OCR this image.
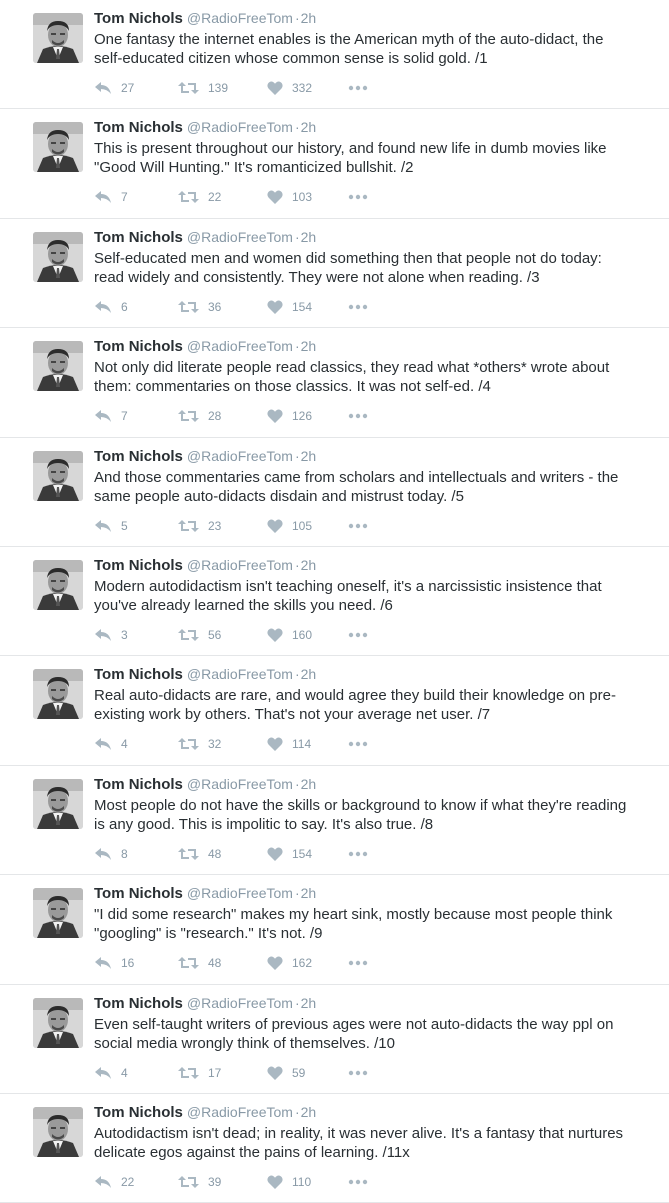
Tom Nichols @RadioFreeTom ·2h
One fantasy the internet enables is the American myth of the auto-didact, the self-educated citizen whose common sense is solid gold. /1
27	139	332
Tom Nichols @RadioFreeTom ·2h
This is present throughout our history, and found new life in dumb movies like "Good Will Hunting." It's romanticized bullshit. /2
7	22	103
Tom Nichols @RadioFreeTom ·2h
Self-educated men and women did something then that people not do today: read widely and consistently. They were not alone when reading. /3
6	36	154
Tom Nichols @RadioFreeTom ·2h
Not only did literate people read classics, they read what *others* wrote about them: commentaries on those classics. It was not self-ed. /4
7	28	126
Tom Nichols @RadioFreeTom ·2h
And those commentaries came from scholars and intellectuals and writers - the same people auto-didacts disdain and mistrust today. /5
5	23	105
Tom Nichols @RadioFreeTom ·2h
Modern autodidactism isn't teaching oneself, it's a narcissistic insistence that you've already learned the skills you need. /6
3	56	160
Tom Nichols @RadioFreeTom ·2h
Real auto-didacts are rare, and would agree they build their knowledge on pre-existing work by others. That's not your average net user. /7
4	32	114
Tom Nichols @RadioFreeTom ·2h
Most people do not have the skills or background to know if what they're reading is any good. This is impolitic to say. It's also true. /8
8	48	154
Tom Nichols @RadioFreeTom ·2h
"I did some research" makes my heart sink, mostly because most people think "googling" is "research." It's not. /9
16	48	162
Tom Nichols @RadioFreeTom ·2h
Even self-taught writers of previous ages were not auto-didacts the way ppl on social media wrongly think of themselves. /10
4	17	59
Tom Nichols @RadioFreeTom ·2h
Autodidactism isn't dead; in reality, it was never alive. It's a fantasy that nurtures delicate egos against the pains of learning. /11x
22	39	110
